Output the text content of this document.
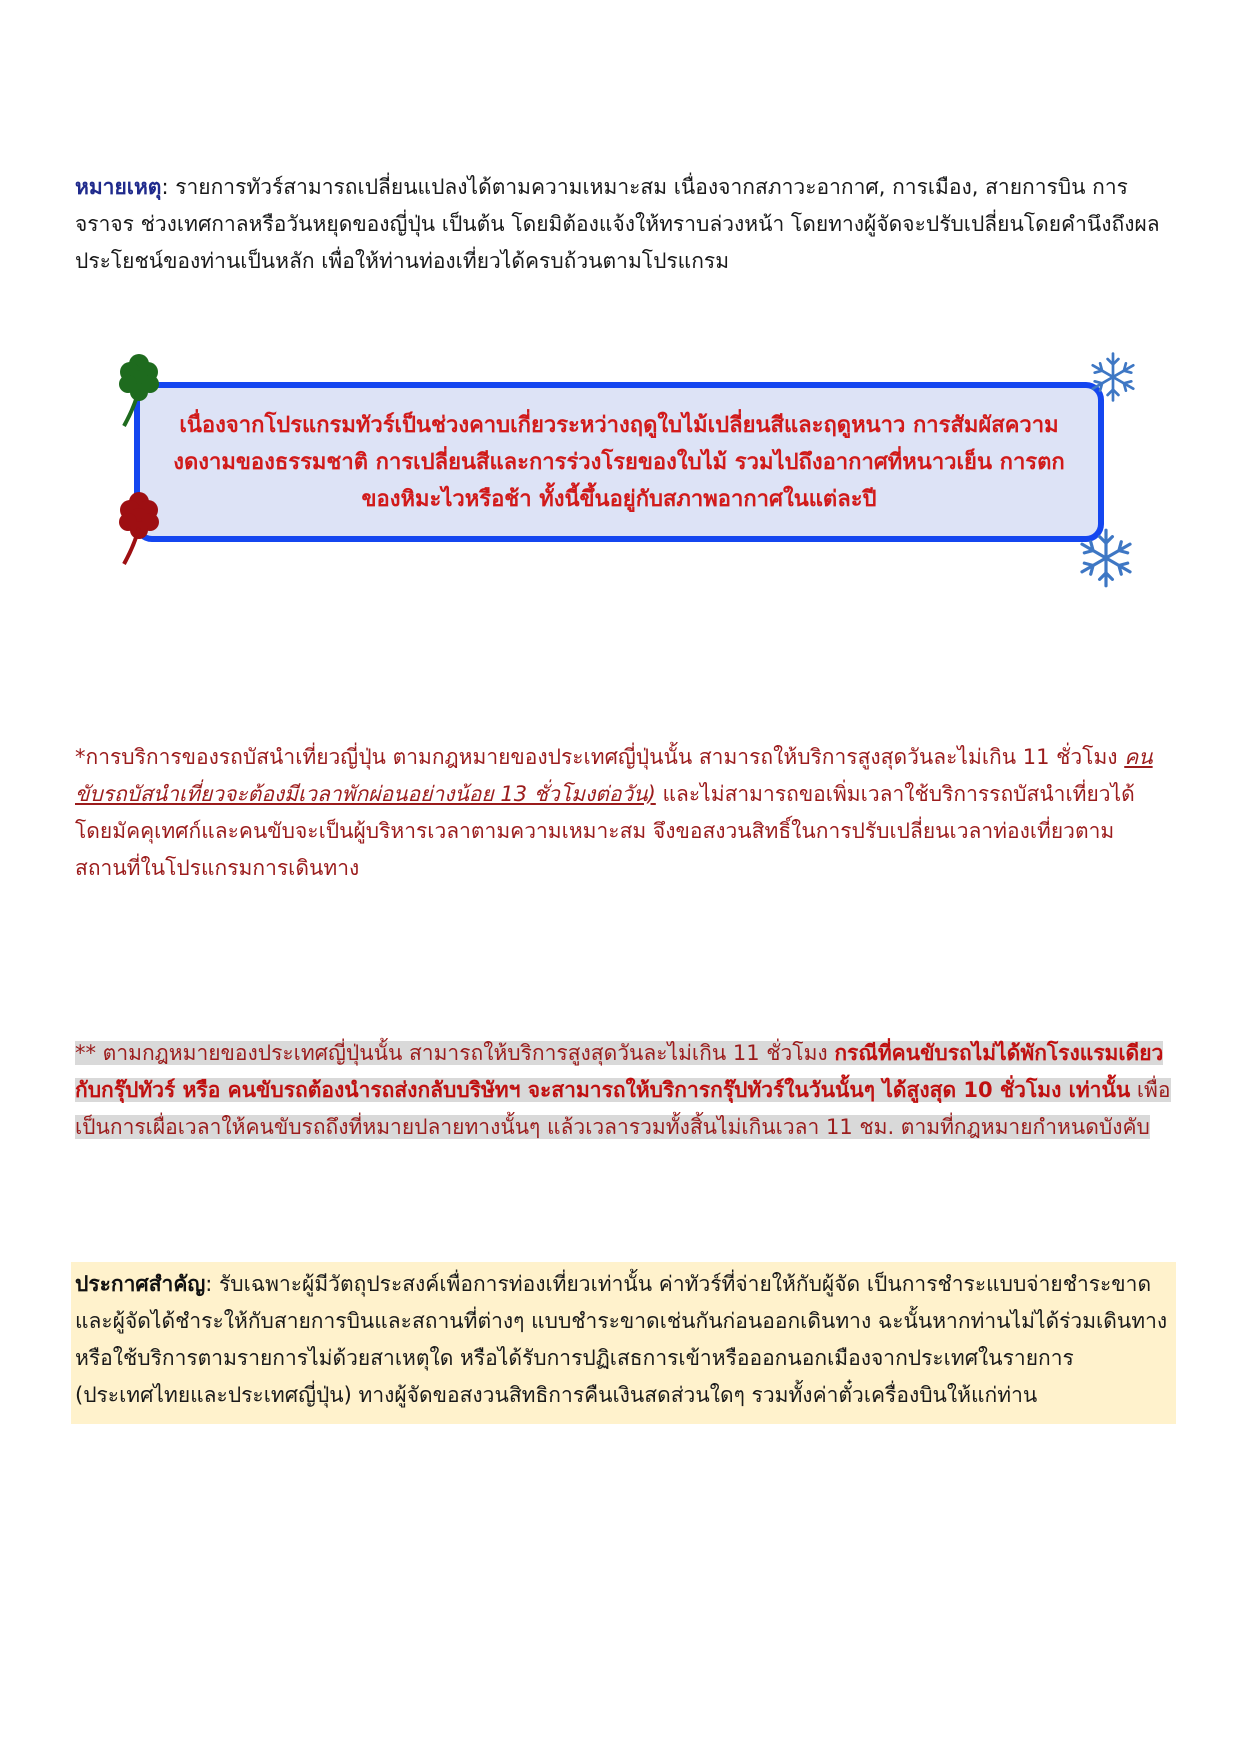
หมายเหตุ: รายการทัวร์สามารถเปลี่ยนแปลงได้ตามความเหมาะสม เนื่องจากสภาวะอากาศ, การเมือง, สายการบิน การจราจร ช่วงเทศกาลหรือวันหยุดของญี่ปุ่น เป็นต้น โดยมิต้องแจ้งให้ทราบล่วงหน้า โดยทางผู้จัดจะปรับเปลี่ยนโดยคำนึงถึงผลประโยชน์ของท่านเป็นหลัก เพื่อให้ท่านท่องเที่ยวได้ครบถ้วนตามโปรแกรม

เนื่องจากโปรแกรมทัวร์เป็นช่วงคาบเกี่ยวระหว่างฤดูใบไม้เปลี่ยนสีและฤดูหนาว การสัมผัสความงดงามของธรรมชาติ การเปลี่ยนสีและการร่วงโรยของใบไม้ รวมไปถึงอากาศที่หนาวเย็น การตกของหิมะไวหรือช้า ทั้งนี้ขึ้นอยู่กับสภาพอากาศในแต่ละปี

*การบริการของรถบัสนำเที่ยวญี่ปุ่น ตามกฎหมายของประเทศญี่ปุ่นนั้น สามารถให้บริการสูงสุดวันละไม่เกิน 11 ชั่วโมง คนขับรถบัสนำเที่ยวจะต้องมีเวลาพักผ่อนอย่างน้อย 13 ชั่วโมงต่อวัน) และไม่สามารถขอเพิ่มเวลาใช้บริการรถบัสนำเที่ยวได้ โดยมัคคุเทศก์และคนขับจะเป็นผู้บริหารเวลาตามความเหมาะสม จึงขอสงวนสิทธิ์ในการปรับเปลี่ยนเวลาท่องเที่ยวตามสถานที่ในโปรแกรมการเดินทาง

** ตามกฎหมายของประเทศญี่ปุ่นนั้น สามารถให้บริการสูงสุดวันละไม่เกิน 11 ชั่วโมง กรณีที่คนขับรถไม่ได้พักโรงแรมเดียวกับกรุ๊ปทัวร์ หรือ คนขับรถต้องนำรถส่งกลับบริษัทฯ จะสามารถให้บริการกรุ๊ปทัวร์ในวันนั้นๆ ได้สูงสุด 10 ชั่วโมง เท่านั้น เพื่อเป็นการเผื่อเวลาให้คนขับรถถึงที่หมายปลายทางนั้นๆ แล้วเวลารวมทั้งสิ้นไม่เกินเวลา 11 ชม. ตามที่กฎหมายกำหนดบังคับ

ประกาศสำคัญ: รับเฉพาะผู้มีวัตถุประสงค์เพื่อการท่องเที่ยวเท่านั้น ค่าทัวร์ที่จ่ายให้กับผู้จัด เป็นการชำระแบบจ่ายชำระขาด และผู้จัดได้ชำระให้กับสายการบินและสถานที่ต่างๆ แบบชำระขาดเช่นกันก่อนออกเดินทาง ฉะนั้นหากท่านไม่ได้ร่วมเดินทาง หรือใช้บริการตามรายการไม่ด้วยสาเหตุใด หรือได้รับการปฏิเสธการเข้าหรือออกนอกเมืองจากประเทศในรายการ (ประเทศไทยและประเทศญี่ปุ่น) ทางผู้จัดขอสงวนสิทธิการคืนเงินสดส่วนใดๆ รวมทั้งค่าตั๋วเครื่องบินให้แก่ท่าน
